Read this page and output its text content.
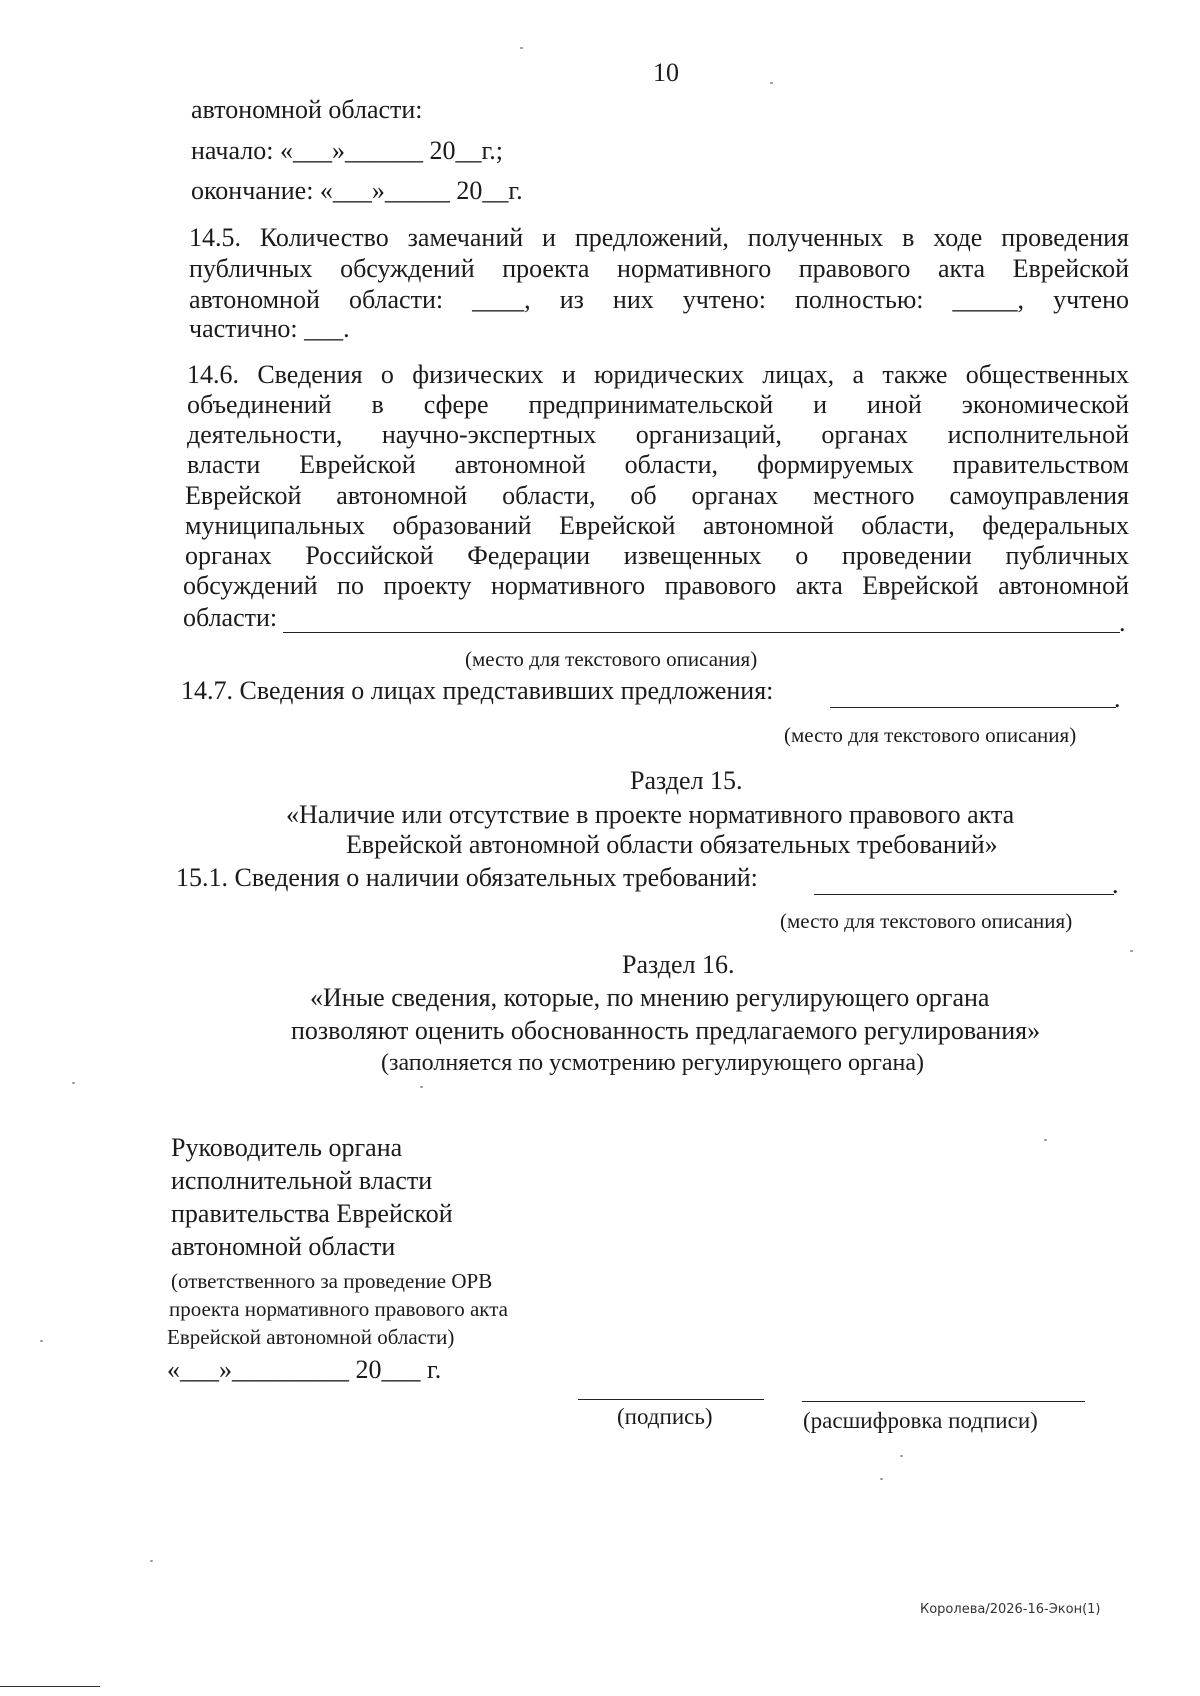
10
автономной области:
начало: «___»______ 20__г.;
окончание: «___»_____ 20__г.
14.5. Количество замечаний и предложений, полученных в ходе проведения
публичных обсуждений проекта нормативного правового акта Еврейской
автономной области: ____, из них учтено: полностью: _____, учтено
частично: ___.
14.6. Сведения о физических и юридических лицах, а также общественных
объединений в сфере предпринимательской и иной экономической
деятельности, научно-экспертных организаций, органах исполнительной
власти Еврейской автономной области, формируемых правительством
Еврейской автономной области, об органах местного самоуправления
муниципальных образований Еврейской автономной области, федеральных
органах Российской Федерации извещенных о проведении публичных
обсуждений по проекту нормативного правового акта Еврейской автономной
области:	.
(место для текстового описания)
14.7. Сведения о лицах представивших предложения:	.
(место для текстового описания)
Раздел 15.
«Наличие или отсутствие в проекте нормативного правового акта
Еврейской автономной области обязательных требований»
15.1. Сведения о наличии обязательных требований:	.
(место для текстового описания)
Раздел 16.
«Иные сведения, которые, по мнению регулирующего органа
позволяют оценить обоснованность предлагаемого регулирования»
(заполняется по усмотрению регулирующего органа)
Руководитель органа
исполнительной власти
правительства Еврейской
автономной области
(ответственного за проведение ОРВ
проекта нормативного правового акта
Еврейской автономной области)
«___»_________ 20___ г.
(подпись)	(расшифровка подписи)
Королева/2026-16-Экон(1)
